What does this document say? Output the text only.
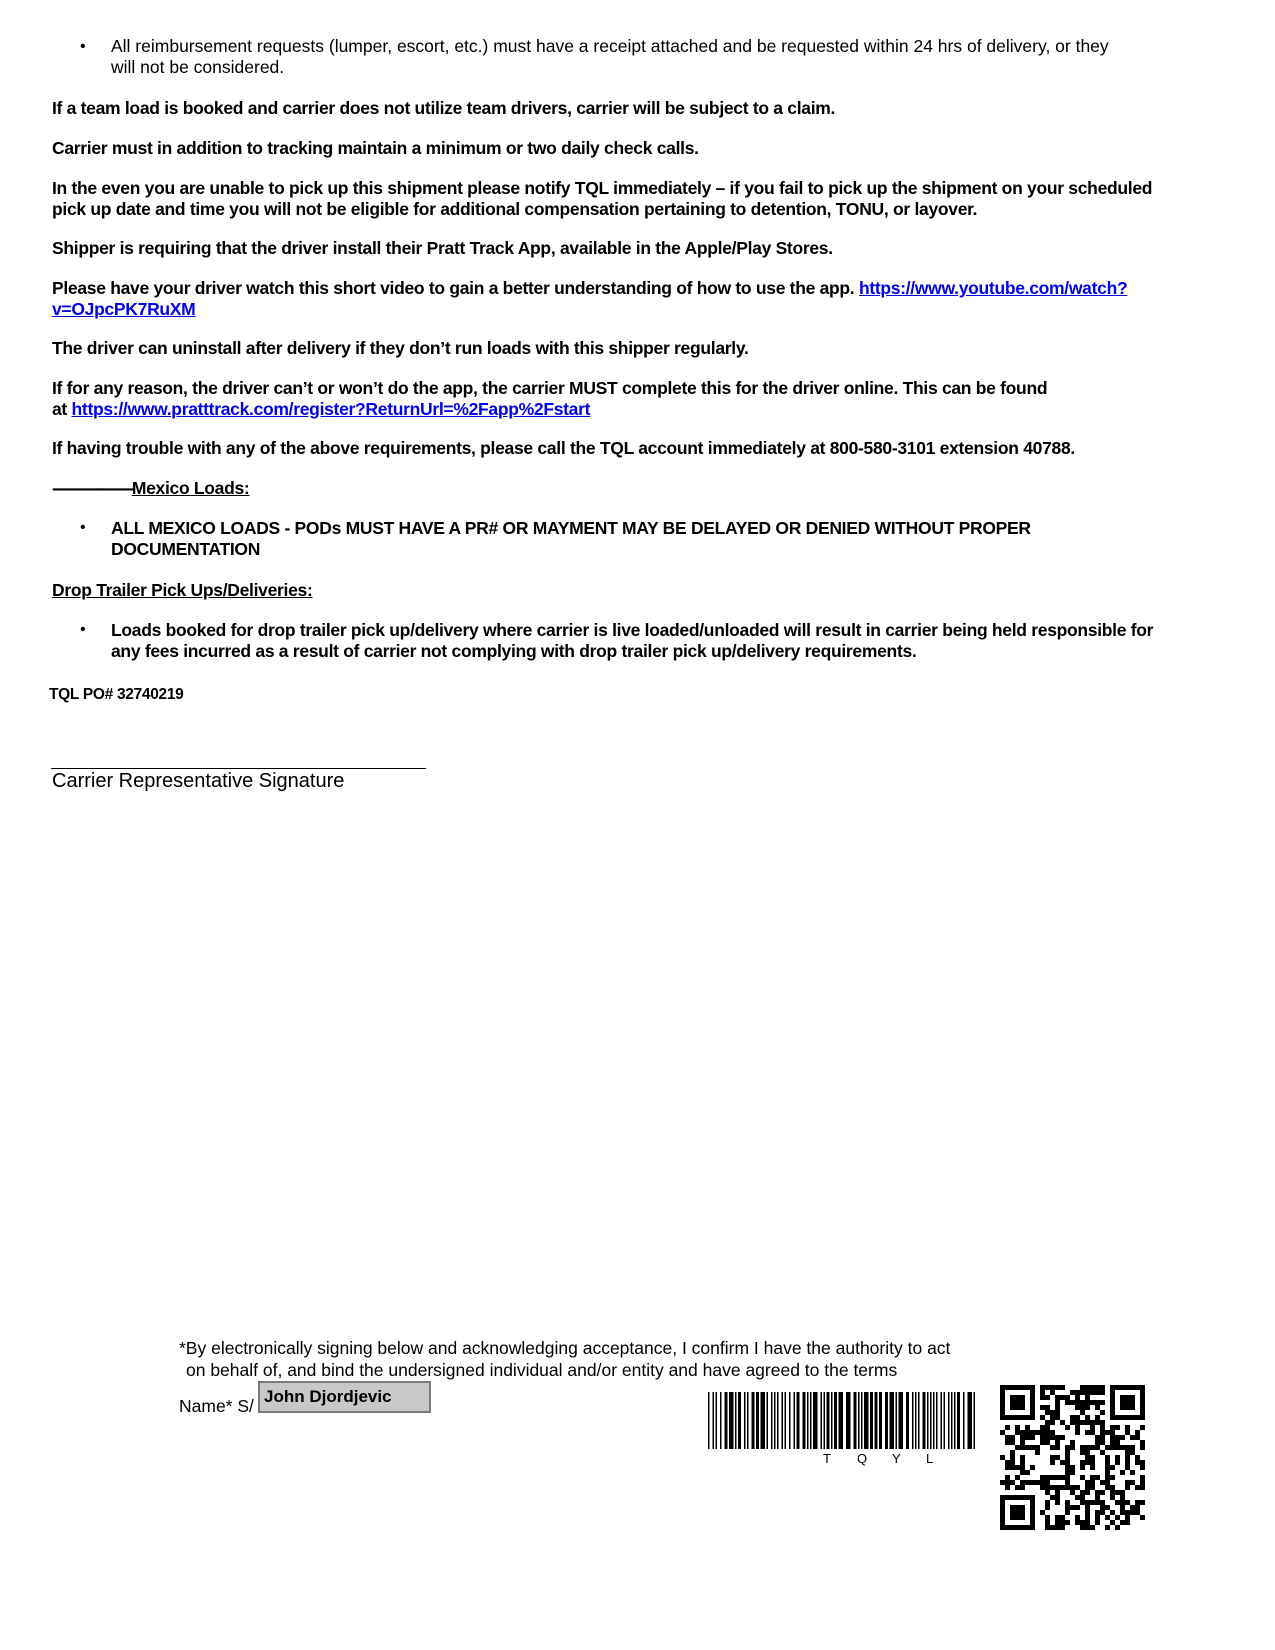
• All reimbursement requests (lumper, escort, etc.) must have a receipt attached and be requested within 24 hrs of delivery, or they
will not be considered.
If a team load is booked and carrier does not utilize team drivers, carrier will be subject to a claim.
Carrier must in addition to tracking maintain a minimum or two daily check calls.
In the even you are unable to pick up this shipment please notify TQL immediately – if you fail to pick up the shipment on your scheduled
pick up date and time you will not be eligible for additional compensation pertaining to detention, TONU, or layover.
Shipper is requiring that the driver install their Pratt Track App, available in the Apple/Play Stores.
Please have your driver watch this short video to gain a better understanding of how to use the app. https://www.youtube.com/watch?
v=OJpcPK7RuXM
The driver can uninstall after delivery if they don’t run loads with this shipper regularly.
If for any reason, the driver can’t or won’t do the app, the carrier MUST complete this for the driver online. This can be found
at https://www.pratttrack.com/register?ReturnUrl=%2Fapp%2Fstart
If having trouble with any of the above requirements, please call the TQL account immediately at 800-580-3101 extension 40788.
----------------------Mexico Loads:
• ALL MEXICO LOADS - PODs MUST HAVE A PR# OR MAYMENT MAY BE DELAYED OR DENIED WITHOUT PROPER
DOCUMENTATION
Drop Trailer Pick Ups/Deliveries:
• Loads booked for drop trailer pick up/delivery where carrier is live loaded/unloaded will result in carrier being held responsible for
any fees incurred as a result of carrier not complying with drop trailer pick up/delivery requirements.
TQL PO# 32740219
Carrier Representative Signature
*By electronically signing below and acknowledging acceptance, I confirm I have the authority to act
on behalf of, and bind the undersigned individual and/or entity and have agreed to the terms
Name* S/ John Djordjevic
T Q Y L
